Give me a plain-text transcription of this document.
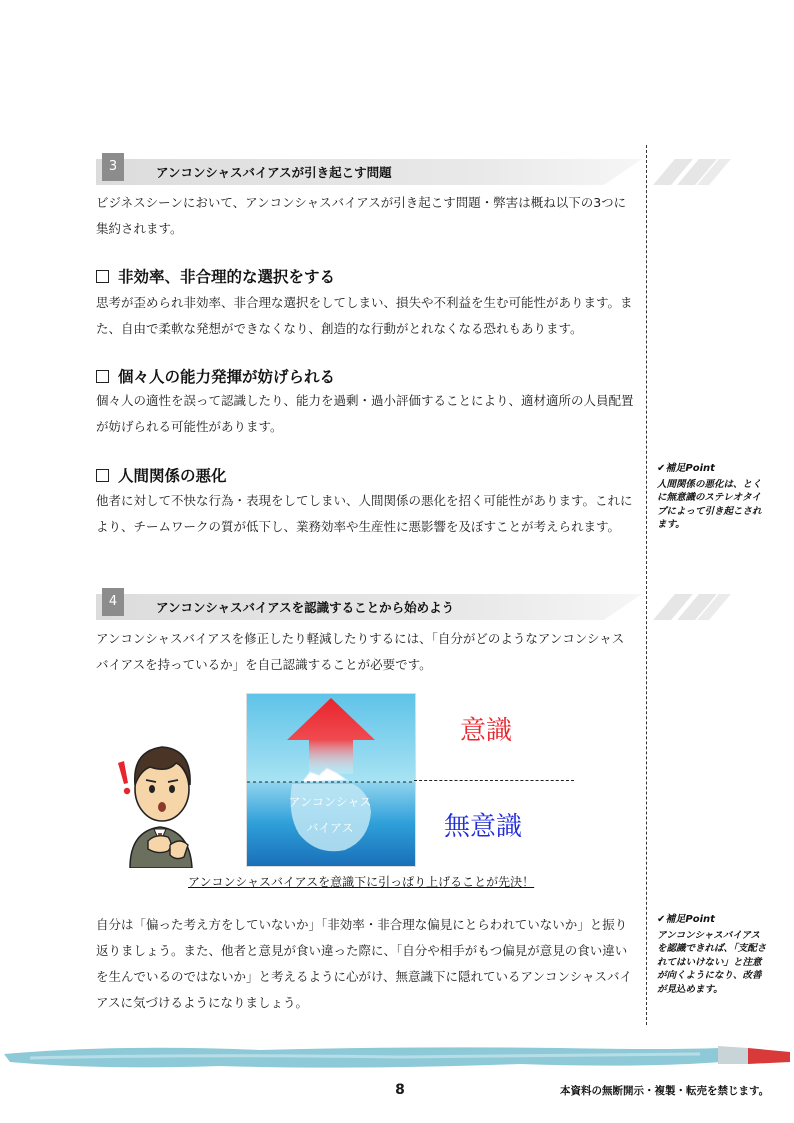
3	アンコンシャスバイアスが引き起こす問題
ビジネスシーンにおいて、アンコンシャスバイアスが引き起こす問題・弊害は概ね以下の3つに集約されます。
非効率、非合理的な選択をする
思考が歪められ非効率、非合理な選択をしてしまい、損失や不利益を生む可能性があります。また、自由で柔軟な発想ができなくなり、創造的な行動がとれなくなる恐れもあります。
個々人の能力発揮が妨げられる
個々人の適性を誤って認識したり、能力を過剰・過小評価することにより、適材適所の人員配置が妨げられる可能性があります。
人間関係の悪化
他者に対して不快な行為・表現をしてしまい、人間関係の悪化を招く可能性があります。これにより、チームワークの質が低下し、業務効率や生産性に悪影響を及ぼすことが考えられます。
✔補足Point
人間関係の悪化は、とくに無意識のステレオタイプによって引き起こされます。
4	アンコンシャスバイアスを認識することから始めよう
アンコンシャスバイアスを修正したり軽減したりするには、「自分がどのようなアンコンシャスバイアスを持っているか」を自己認識することが必要です。
アンコンシャス
バイアス
意識
無意識
アンコンシャスバイアスを意識下に引っぱり上げることが先決！
自分は「偏った考え方をしていないか」「非効率・非合理な偏見にとらわれていないか」と振り返りましょう。また、他者と意見が食い違った際に、「自分や相手がもつ偏見が意見の食い違いを生んでいるのではないか」と考えるように心がけ、無意識下に隠れているアンコンシャスバイアスに気づけるようになりましょう。
✔補足Point
アンコンシャスバイアスを認識できれば、「支配されてはいけない」と注意が向くようになり、改善が見込めます。
8	本資料の無断開示・複製・転売を禁じます。
